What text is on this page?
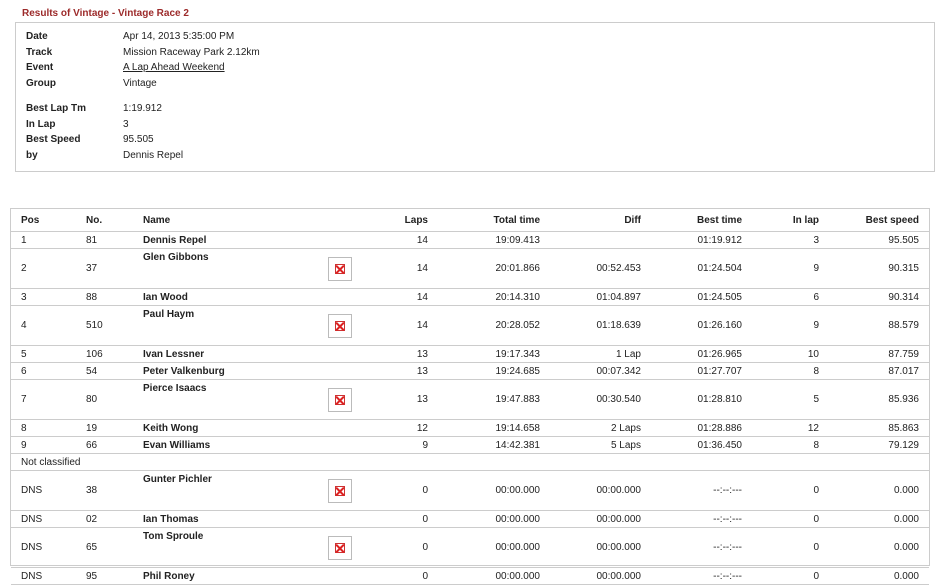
Results of Vintage - Vintage Race 2
Date	Apr 14, 2013 5:35:00 PM
Track	Mission Raceway Park 2.12km
Event	A Lap Ahead Weekend
Group	Vintage
Best Lap Tm	1:19.912
In Lap	3
Best Speed	95.505
by	Dennis Repel
Pos	No.	Name		Laps	Total time	Diff	Best time	In lap	Best speed
1	81	Dennis Repel		14	19:09.413		01:19.912	3	95.505
2	37	Glen Gibbons		14	20:01.866	00:52.453	01:24.504	9	90.315
3	88	Ian Wood		14	20:14.310	01:04.897	01:24.505	6	90.314
4	510	Paul Haym		14	20:28.052	01:18.639	01:26.160	9	88.579
5	106	Ivan Lessner		13	19:17.343	1 Lap	01:26.965	10	87.759
6	54	Peter Valkenburg		13	19:24.685	00:07.342	01:27.707	8	87.017
7	80	Pierce Isaacs		13	19:47.883	00:30.540	01:28.810	5	85.936
8	19	Keith Wong		12	19:14.658	2 Laps	01:28.886	12	85.863
9	66	Evan Williams		9	14:42.381	5 Laps	01:36.450	8	79.129
Not classified									
DNS	38	Gunter Pichler		0	00:00.000	00:00.000	--:--:---	0	0.000
DNS	02	Ian Thomas		0	00:00.000	00:00.000	--:--:---	0	0.000
DNS	65	Tom Sproule		0	00:00.000	00:00.000	--:--:---	0	0.000
DNS	95	Phil Roney		0	00:00.000	00:00.000	--:--:---	0	0.000
